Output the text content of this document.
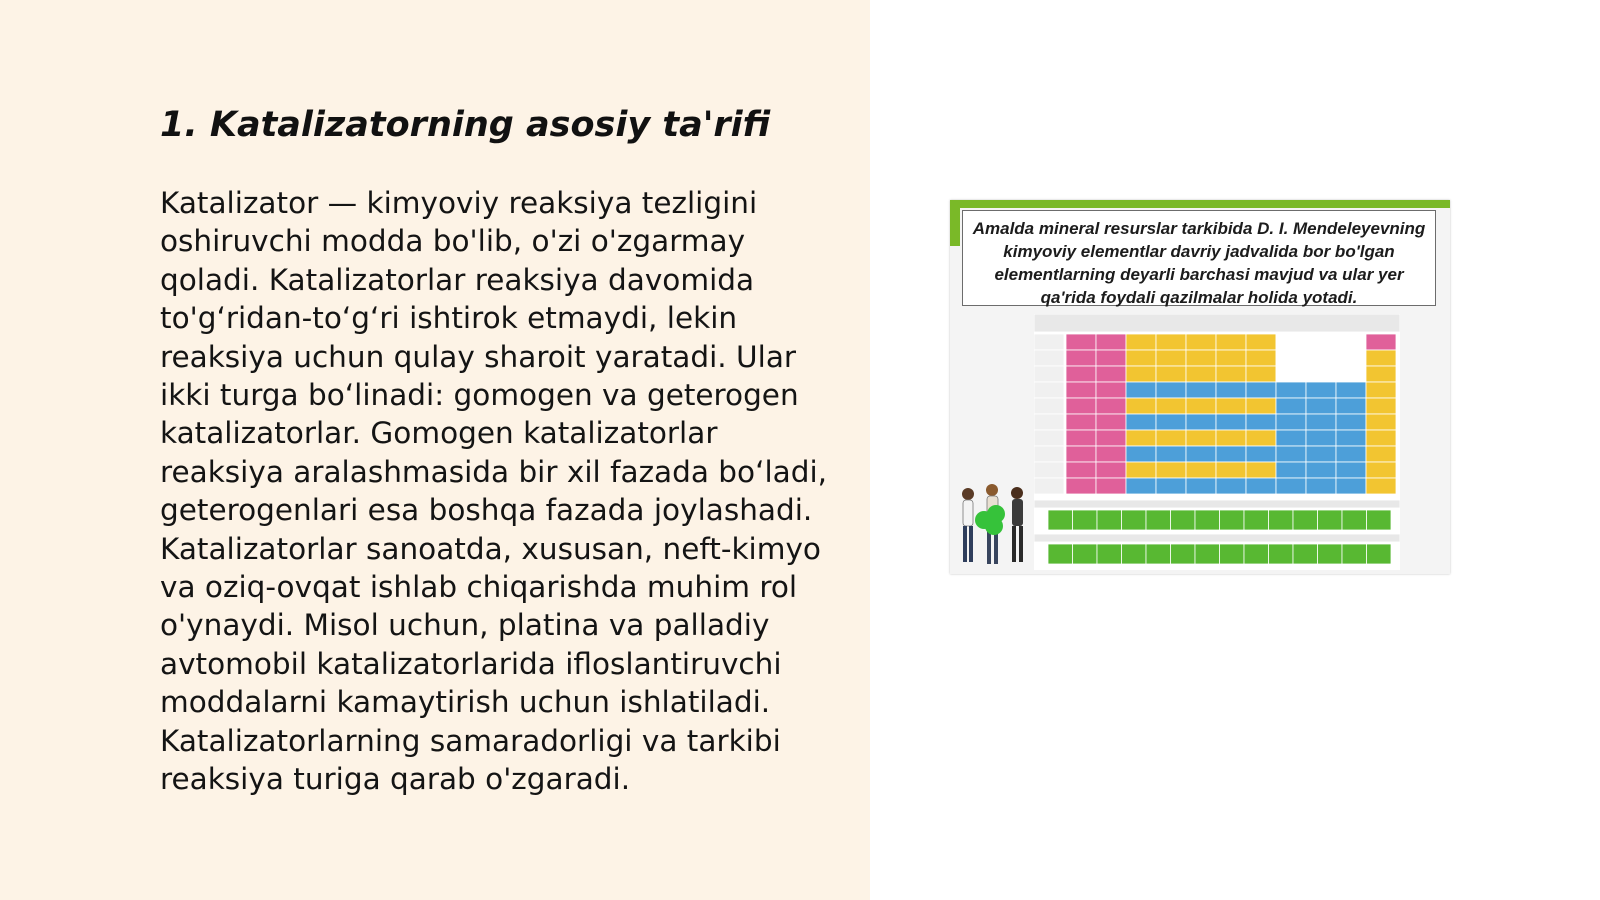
1. Katalizatorning asosiy ta'rifi

Katalizator — kimyoviy reaksiya tezligini oshiruvchi modda bo'lib, o'zi o'zgarmay qoladi. Katalizatorlar reaksiya davomida to'g‘ridan-to‘g‘ri ishtirok etmaydi, lekin reaksiya uchun qulay sharoit yaratadi. Ular ikki turga bo‘linadi: gomogen va geterogen katalizatorlar. Gomogen katalizatorlar reaksiya aralashmasida bir xil fazada bo‘ladi, geterogenlari esa boshqa fazada joylashadi. Katalizatorlar sanoatda, xususan, neft-kimyo va oziq-ovqat ishlab chiqarishda muhim rol o'ynaydi. Misol uchun, platina va palladiy avtomobil katalizatorlarida ifloslantiruvchi moddalarni kamaytirish uchun ishlatiladi. Katalizatorlarning samaradorligi va tarkibi reaksiya turiga qarab o'zgaradi.

Amalda mineral resurslar tarkibida D. I. Mendeleyevning kimyoviy elementlar davriy jadvalida bor bo'lgan elementlarning deyarli barchasi mavjud va ular yer qa'rida foydali qazilmalar holida yotadi.
